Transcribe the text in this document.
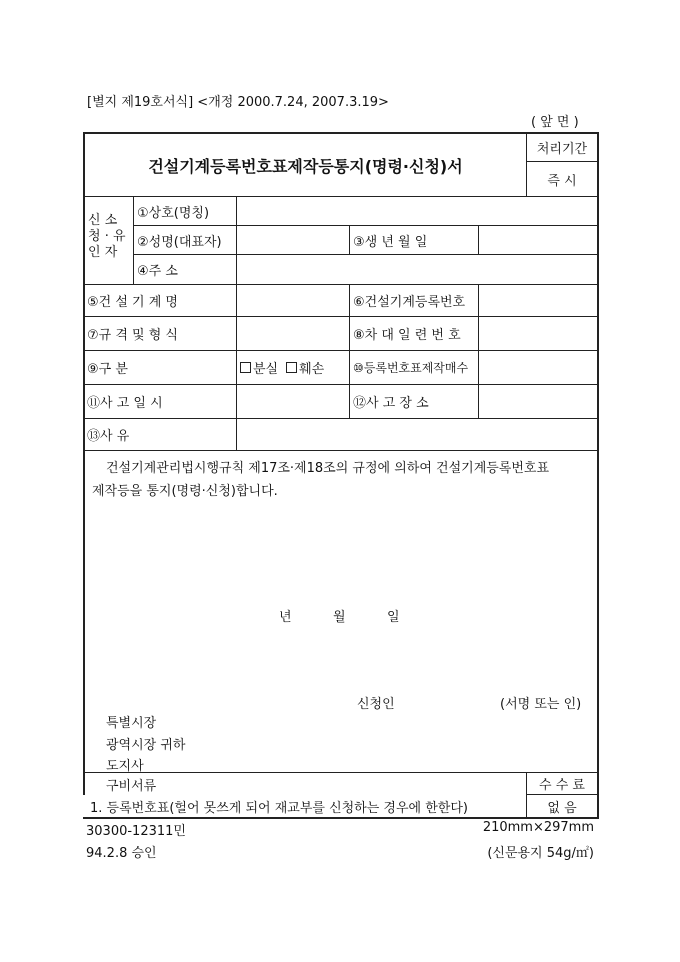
[별지 제19호서식] <개정 2000.7.24, 2007.3.19>
( 앞 면 )
건설기계등록번호표제작등통지(명령·신청)서
처리기간
즉 시
신 소
청 · 유
인 자
①상호(명칭)
②성명(대표자)	③생 년 월 일
④주 소
⑤건 설 기 계 명	⑥건설기계등록번호
⑦규 격 및 형 식	⑧차 대 일 련 번 호
⑨구 분	분실 훼손 ⑩등록번호표제작매수
⑪사 고 일 시	⑫사 고 장 소
⑬사 유
건설기계관리법시행규칙 제17조·제18조의 규정에 의하여 건설기계등록번호표
제작등을 통지(명령·신청)합니다.
년	월	일
신청인	(서명 또는 인)
특별시장
광역시장 귀하
도지사
구비서류
1. 등록번호표(헐어 못쓰게 되어 재교부를 신청하는 경우에 한한다)
수 수 료
없 음
30300-12311민
94.2.8 승인
210mm×297mm
(신문용지 54g/㎡)
